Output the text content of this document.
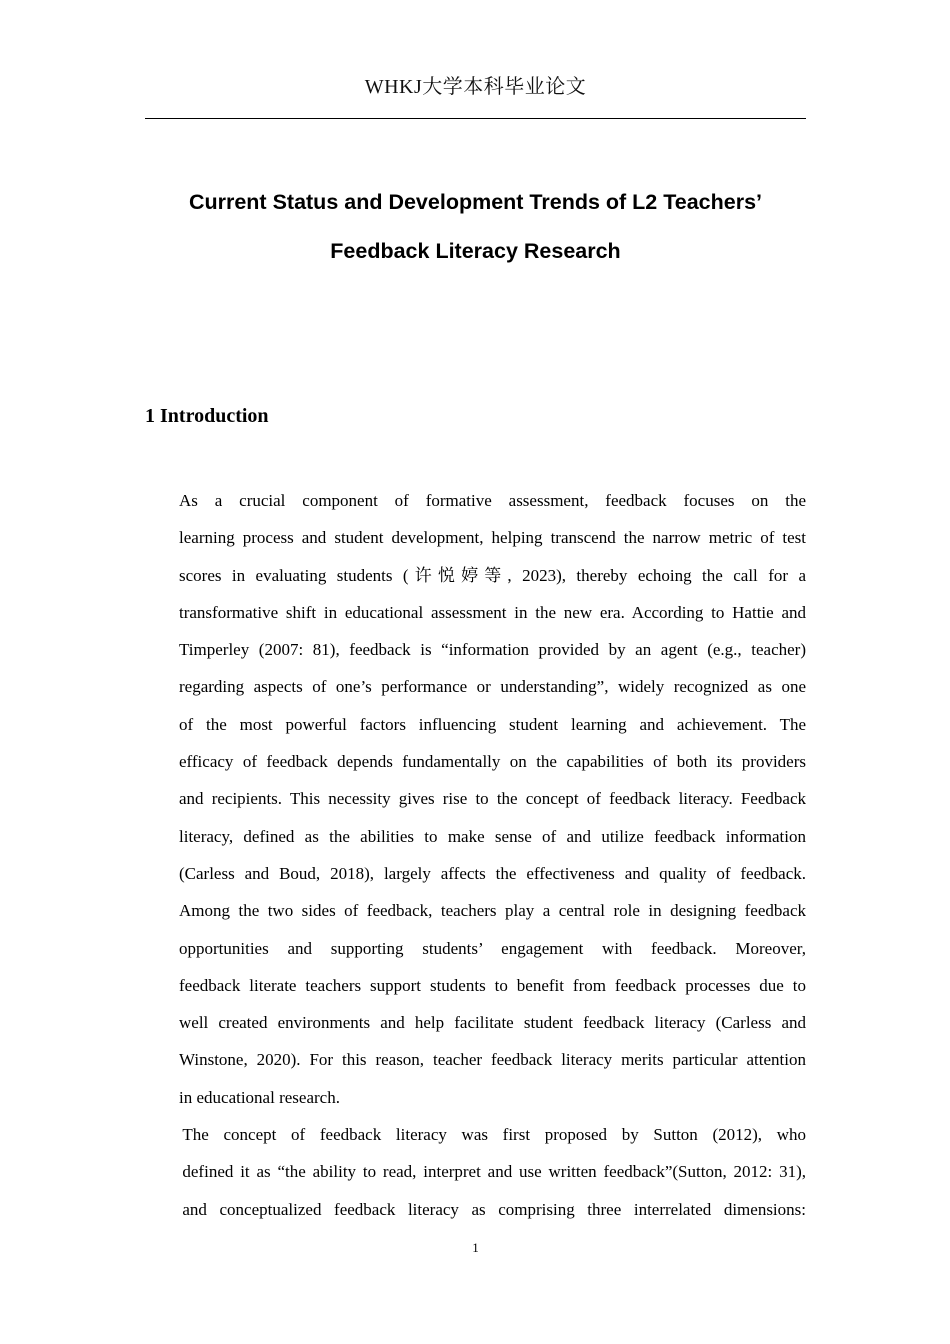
WHKJ大学本科毕业论文
Current Status and Development Trends of L2 Teachers’
Feedback Literacy Research
1 Introduction

As a crucial component of formative assessment, feedback focuses on the
learning process and student development, helping transcend the narrow metric of test
scores in evaluating students (许悦婷等, 2023), thereby echoing the call for a
transformative shift in educational assessment in the new era. According to Hattie and
Timperley (2007: 81), feedback is “information provided by an agent (e.g., teacher)
regarding aspects of one’s performance or understanding”, widely recognized as one
of the most powerful factors influencing student learning and achievement. The
efficacy of feedback depends fundamentally on the capabilities of both its providers
and recipients. This necessity gives rise to the concept of feedback literacy. Feedback
literacy, defined as the abilities to make sense of and utilize feedback information
(Carless and Boud, 2018), largely affects the effectiveness and quality of feedback.
Among the two sides of feedback, teachers play a central role in designing feedback
opportunities and supporting students’ engagement with feedback. Moreover,
feedback literate teachers support students to benefit from feedback processes due to
well created environments and help facilitate student feedback literacy (Carless and
Winstone, 2020). For this reason, teacher feedback literacy merits particular attention
in educational research.

The concept of feedback literacy was first proposed by Sutton (2012), who
defined it as “the ability to read, interpret and use written feedback”(Sutton, 2012: 31),
and conceptualized feedback literacy as comprising three interrelated dimensions:

1
